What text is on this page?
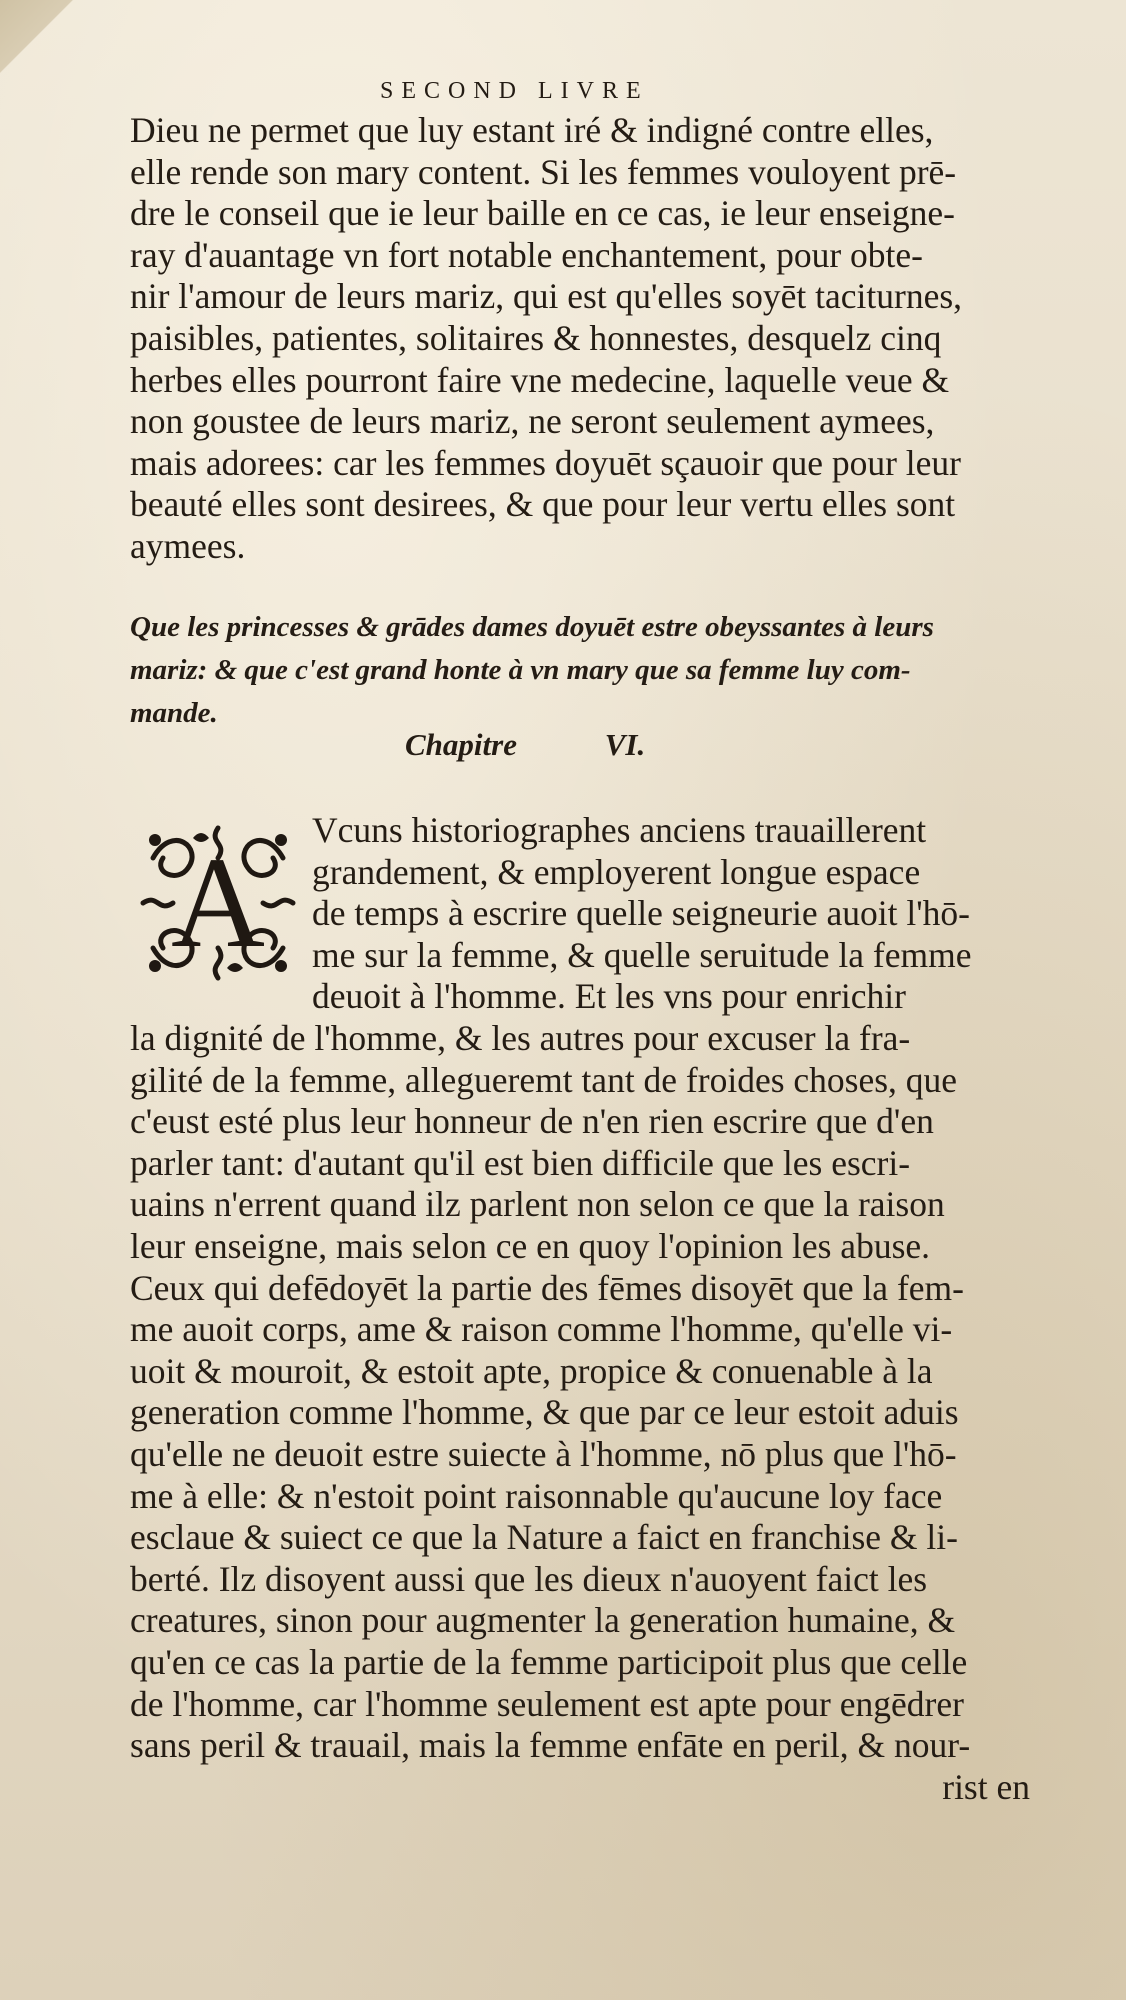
SECOND LIVRE
Dieu ne permet que luy estant iré & indigné contre elles,
elle rende son mary content. Si les femmes vouloyent prē-
dre le conseil que ie leur baille en ce cas, ie leur enseigne-
ray d'auantage vn fort notable enchantement, pour obte-
nir l'amour de leurs mariz, qui est qu'elles soyēt taciturnes,
paisibles, patientes, solitaires & honnestes, desquelz cinq
herbes elles pourront faire vne medecine, laquelle veue &
non goustee de leurs mariz, ne seront seulement aymees,
mais adorees: car les femmes doyuēt sçauoir que pour leur
beauté elles sont desirees, & que pour leur vertu elles sont
aymees.
Que les princesses & grādes dames doyuēt estre obeyssantes à leurs
mariz: & que c'est grand honte à vn mary que sa femme luy com-
mande.
Chapitre	VI.
A
Vcuns historiographes anciens trauaillerent
grandement, & employerent longue espace
de temps à escrire quelle seigneurie auoit l'hō-
me sur la femme, & quelle seruitude la femme
deuoit à l'homme. Et les vns pour enrichir
la dignité de l'homme, & les autres pour excuser la fra-
gilité de la femme, allegueremt tant de froides choses, que
c'eust esté plus leur honneur de n'en rien escrire que d'en
parler tant: d'autant qu'il est bien difficile que les escri-
uains n'errent quand ilz parlent non selon ce que la raison
leur enseigne, mais selon ce en quoy l'opinion les abuse.
Ceux qui defēdoyēt la partie des fēmes disoyēt que la fem-
me auoit corps, ame & raison comme l'homme, qu'elle vi-
uoit & mouroit, & estoit apte, propice & conuenable à la
generation comme l'homme, & que par ce leur estoit aduis
qu'elle ne deuoit estre suiecte à l'homme, nō plus que l'hō-
me à elle: & n'estoit point raisonnable qu'aucune loy face
esclaue & suiect ce que la Nature a faict en franchise & li-
berté. Ilz disoyent aussi que les dieux n'auoyent faict les
creatures, sinon pour augmenter la generation humaine, &
qu'en ce cas la partie de la femme participoit plus que celle
de l'homme, car l'homme seulement est apte pour engēdrer
sans peril & trauail, mais la femme enfāte en peril, & nour-
rist en
